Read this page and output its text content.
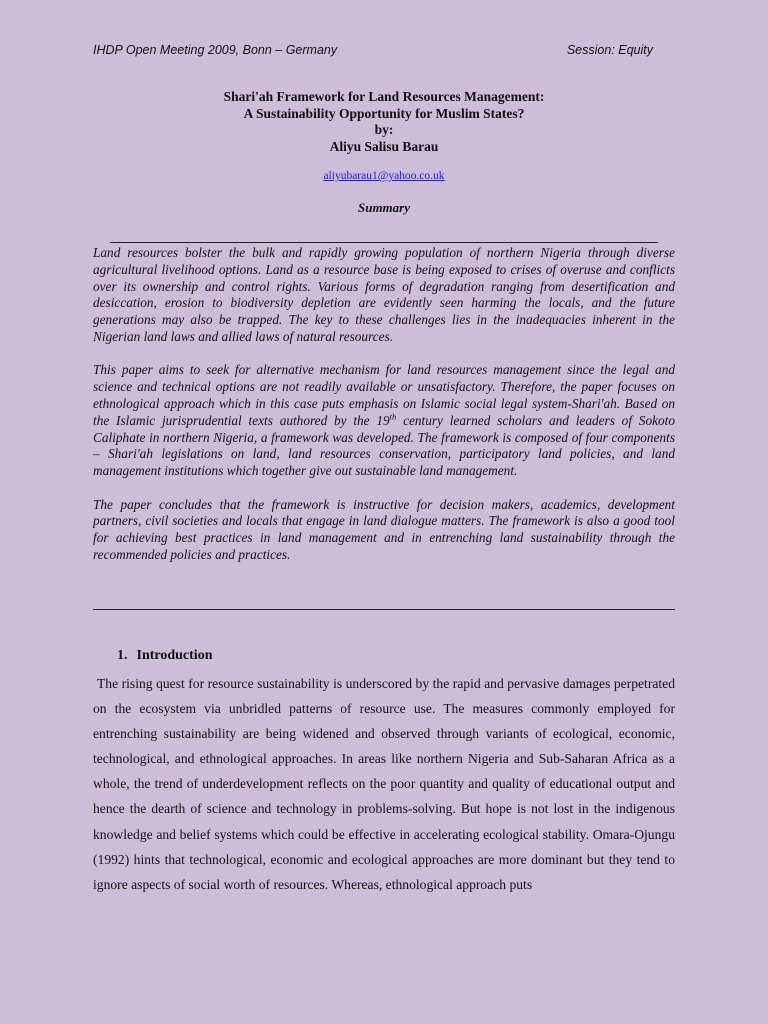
IHDP Open Meeting 2009, Bonn – Germany	Session: Equity
Shari'ah Framework for Land Resources Management:
A Sustainability Opportunity for Muslim States?
by:
Aliyu Salisu Barau
aliyubarau1@yahoo.co.uk
Summary

Land resources bolster the bulk and rapidly growing population of northern Nigeria through diverse agricultural livelihood options. Land as a resource base is being exposed to crises of overuse and conflicts over its ownership and control rights. Various forms of degradation ranging from desertification and desiccation, erosion to biodiversity depletion are evidently seen harming the locals, and the future generations may also be trapped. The key to these challenges lies in the inadequacies inherent in the Nigerian land laws and allied laws of natural resources.

This paper aims to seek for alternative mechanism for land resources management since the legal and science and technical options are not readily available or unsatisfactory. Therefore, the paper focuses on ethnological approach which in this case puts emphasis on Islamic social legal system-Shari'ah. Based on the Islamic jurisprudential texts authored by the 19th century learned scholars and leaders of Sokoto Caliphate in northern Nigeria, a framework was developed. The framework is composed of four components – Shari'ah legislations on land, land resources conservation, participatory land policies, and land management institutions which together give out sustainable land management.

The paper concludes that the framework is instructive for decision makers, academics, development partners, civil societies and locals that engage in land dialogue matters. The framework is also a good tool for achieving best practices in land management and in entrenching land sustainability through the recommended policies and practices.

1. Introduction

The rising quest for resource sustainability is underscored by the rapid and pervasive damages perpetrated on the ecosystem via unbridled patterns of resource use. The measures commonly employed for entrenching sustainability are being widened and observed through variants of ecological, economic, technological, and ethnological approaches. In areas like northern Nigeria and Sub-Saharan Africa as a whole, the trend of underdevelopment reflects on the poor quantity and quality of educational output and hence the dearth of science and technology in problems-solving. But hope is not lost in the indigenous knowledge and belief systems which could be effective in accelerating ecological stability. Omara-Ojungu (1992) hints that technological, economic and ecological approaches are more dominant but they tend to ignore aspects of social worth of resources. Whereas, ethnological approach puts
